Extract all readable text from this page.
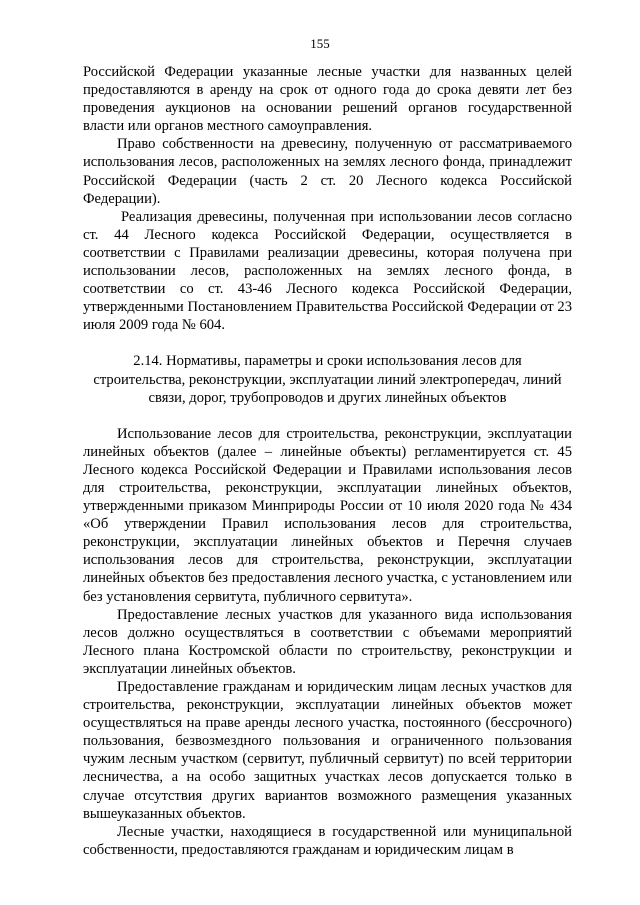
155

Российской Федерации указанные лесные участки для названных целей предоставляются в аренду на срок от одного года до срока девяти лет без проведения аукционов на основании решений органов государственной власти или органов местного самоуправления.

Право собственности на древесину, полученную от рассматриваемого использования лесов, расположенных на землях лесного фонда, принадлежит Российской Федерации (часть 2 ст. 20 Лесного кодекса Российской Федерации).

Реализация древесины, полученная при использовании лесов согласно ст. 44 Лесного кодекса Российской Федерации, осуществляется в соответствии с Правилами реализации древесины, которая получена при использовании лесов, расположенных на землях лесного фонда, в соответствии со ст. 43-46 Лесного кодекса Российской Федерации, утвержденными Постановлением Правительства Российской Федерации от 23 июля 2009 года № 604.

2.14. Нормативы, параметры и сроки использования лесов для строительства, реконструкции, эксплуатации линий электропередач, линий связи, дорог, трубопроводов и других линейных объектов

Использование лесов для строительства, реконструкции, эксплуатации линейных объектов (далее – линейные объекты) регламентируется ст. 45 Лесного кодекса Российской Федерации и Правилами использования лесов для строительства, реконструкции, эксплуатации линейных объектов, утвержденными приказом Минприроды России от 10 июля 2020 года № 434 «Об утверждении Правил использования лесов для строительства, реконструкции, эксплуатации линейных объектов и Перечня случаев использования лесов для строительства, реконструкции, эксплуатации линейных объектов без предоставления лесного участка, с установлением или без установления сервитута, публичного сервитута».

Предоставление лесных участков для указанного вида использования лесов должно осуществляться в соответствии с объемами мероприятий Лесного плана Костромской области по строительству, реконструкции и эксплуатации линейных объектов.

Предоставление гражданам и юридическим лицам лесных участков для строительства, реконструкции, эксплуатации линейных объектов может осуществляться на праве аренды лесного участка, постоянного (бессрочного) пользования, безвозмездного пользования и ограниченного пользования чужим лесным участком (сервитут, публичный сервитут) по всей территории лесничества, а на особо защитных участках лесов допускается только в случае отсутствия других вариантов возможного размещения указанных вышеуказанных объектов.

Лесные участки, находящиеся в государственной или муниципальной собственности, предоставляются гражданам и юридическим лицам в
